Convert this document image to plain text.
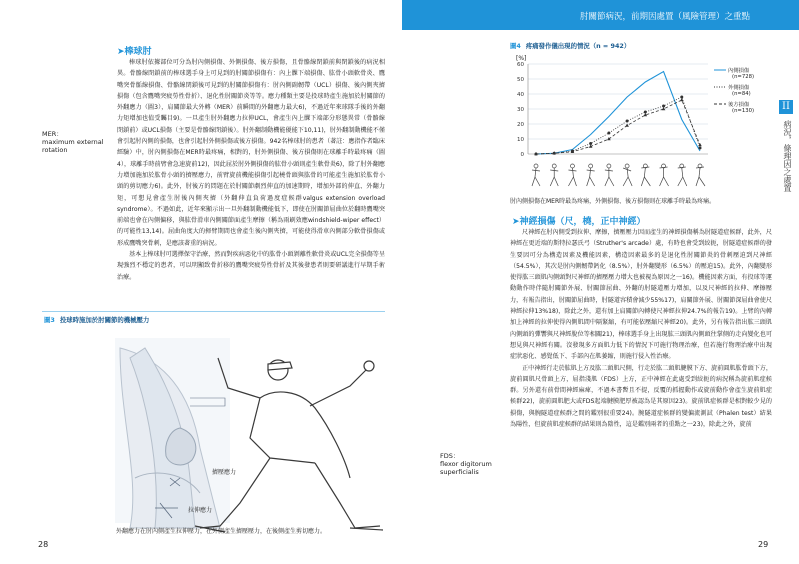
肘關節病況，前期因處置（風險管理）之重點
II
病況，條理因之處置
➤棒球肘
MER：
maximum external rotation
棒球肘依據部位可分為肘內側損傷、外側損傷、後方損傷，且骨骼線閉鎖前與閉鎖後的病況相異。骨骼線閉鎖前的棒球選手身上可見到的肘關節損傷有：內上髁下端損傷、肱骨小頭軟骨炎、鷹嘴突骨骺線損傷、骨骼線閉鎖後可見到的肘關節損傷有：肘內側副韌帶（UCL）損傷、後內側夾擠損傷（包含鷹嘴突疲勞性骨折）、退化性肘關節炎等等。應力種類主要是投球時產生施加於肘關節的外翻應力（圖3），肩關節最大外轉（MER）前瞬間的外翻應力最大6)，不過近年來球隊手後的外翻力矩增加也值受矚目9)。一旦產生肘外翻應力拉伸UCL，會產生內上髁下端部分形態異常（骨骼線閉鎖前）或UCL損傷（主要是骨骼線閉鎖後）。肘外翻制動機能優能下10,11)，肘外翻制動機能不僅會引起肘內側的損傷，也會引起肘外側損傷或後方損傷。942名棒球肘的患者（著註：應指作者臨床經驗）中，肘內側損傷在MER時最疼痛，相對的，肘外側損傷、後方損傷則在球離手時最疼痛（圖4），球離手時前臂會急速旋前12)，因此屈於肘外側損傷的肱骨小頭則產生軟骨炎6)，除了肘外翻應力增加施加於肱骨小頭的擠壓應力，前臂旋前機能損傷引起橈骨頭與肱骨的可能產生施加於肱骨小頭的剪切應力6)。此外，肘後方的問題在於肘關節劇烈伸直的加速期時，增加外部的伸直、外翻力矩，可想見會產生肘後內側夾擠（外翻伸直負荷過度症候群valgus extension overload syndrome）。不過如此，近年來顯示出一旦外翻制動機能低下，即使在肘關節屈曲位於翻時鷹嘴突前端也會在內側偏移，與肱骨滑車內側關節面產生摩擦（稱為雨刷效應windshield-wiper effect）的可能性13,14)。屈曲角度大的揮臂期間也會產生後內側夾擠，可能使得滑車內側部分軟骨損傷或形成鷹嘴突骨刺，是應該著重的病況。
基本上棒球肘可選擇保守治療，然而對疾病惡化中的肱骨小頭剝離性軟骨炎或UCL完全損傷等呈現強烈不穩定的患者，可以明顯致骨折移的鷹嘴突疲勞性骨折及其後發患者則要研議進行早期手術治療。
圖3 投球時施加於肘關節的機械壓力
擠壓應力
拉伸應力
外翻應力在肘內側產生拉伸壓力，在外側產生擠壓壓力，在後側產生剪切應力。
28
圖4 疼痛發作儀出現的情況（n = 942）
[%]
0
10
20
30
40
50
60
內側損傷
(n=728)
外側損傷
(n=84)
後方損傷
(n=130)
肘內側損傷在MER時最為疼痛，外側損傷、後方損傷則在球離手時最為疼痛。
➤神經損傷（尺，橈，正中神經）
FDS：
flexor digitorum superficialis
尺神經在肘內側受到拉伸、摩擦，擠壓壓力因而產生的神經損傷稱為肘隧道症候群，此外，尺神經在更近端的斯特拉瑟氏弓（Struther's arcade）處，有時也會受到絞扼，肘隧道症候群的發生要因可分為構造因素及機能因素，構造因素最多的是退化性肘關節炎的骨刺壓迫到尺神經（54.5%），其次是肘內側韌帶鈣化（8.5%），肘外翻變形（6.5%）的壓迫15)。此外，內翻變形使得肱三頭肌內側頭對尺神經的擠壓壓力增大也被視為原因之一16)。機能因素方面，有投球等運動動作時伴隨肘關節外展、肘關節屈曲、外翻的肘隧道壓力增加，以及尺神經的拉伸、摩擦壓力，有報告指出，肘關節屈曲時，肘隧道容積會減少55%17)，肩關節外展、肘關節深屈曲會使尺神經拉伸13%18)，除此之外，還有加上肩關節內轉使尺神經拉伸24.7%的報告19)。上臂的內轉加上神經的拉伸使得內側肌間中隔緊縮，有可能依壓縮尺神經20)。此外，另有報告指出肱三頭肌內側頭的彈響與尺神經脫位等相關21)，棒球選手身上出現肱三頭肌內側頭往掌側的走向變化也可想見與尺神經有關。沒發現多方面肌力低下的情況下可施行物理治療，但若施行物理治療中出現症狀惡化、感覺低下、手部內在肌萎縮，則施行侵入性治療。
正中神經行走於肱肌上方及肱二頭肌尺側，行走於肱二頭肌腱膜下方、旋前圓肌肱骨頭下方，旋前圓肌尺骨頭上方，屈指淺肌（FDS）上方，正中神經在此處受到絞扼的病況稱為旋前肌症候群。另外還有前骨間神經麻痺，不過本書暫且不提，反覆的抓握動作或旋前動作會產生旋前肌症候群22)，旋前圓肌肥大或FDS起端腱膜肥厚被認為是其原因23)。旋前肌症候群是相對較少見的損傷，與腕隧道症候群之間的鑑別很重要24)。腕隧道症候群的變偏流測試（Phalen test）結果為陽性，但旋前肌症候群的結果則為陰性，這是鑑別兩者的重點之一23)，除此之外，旋前
29
